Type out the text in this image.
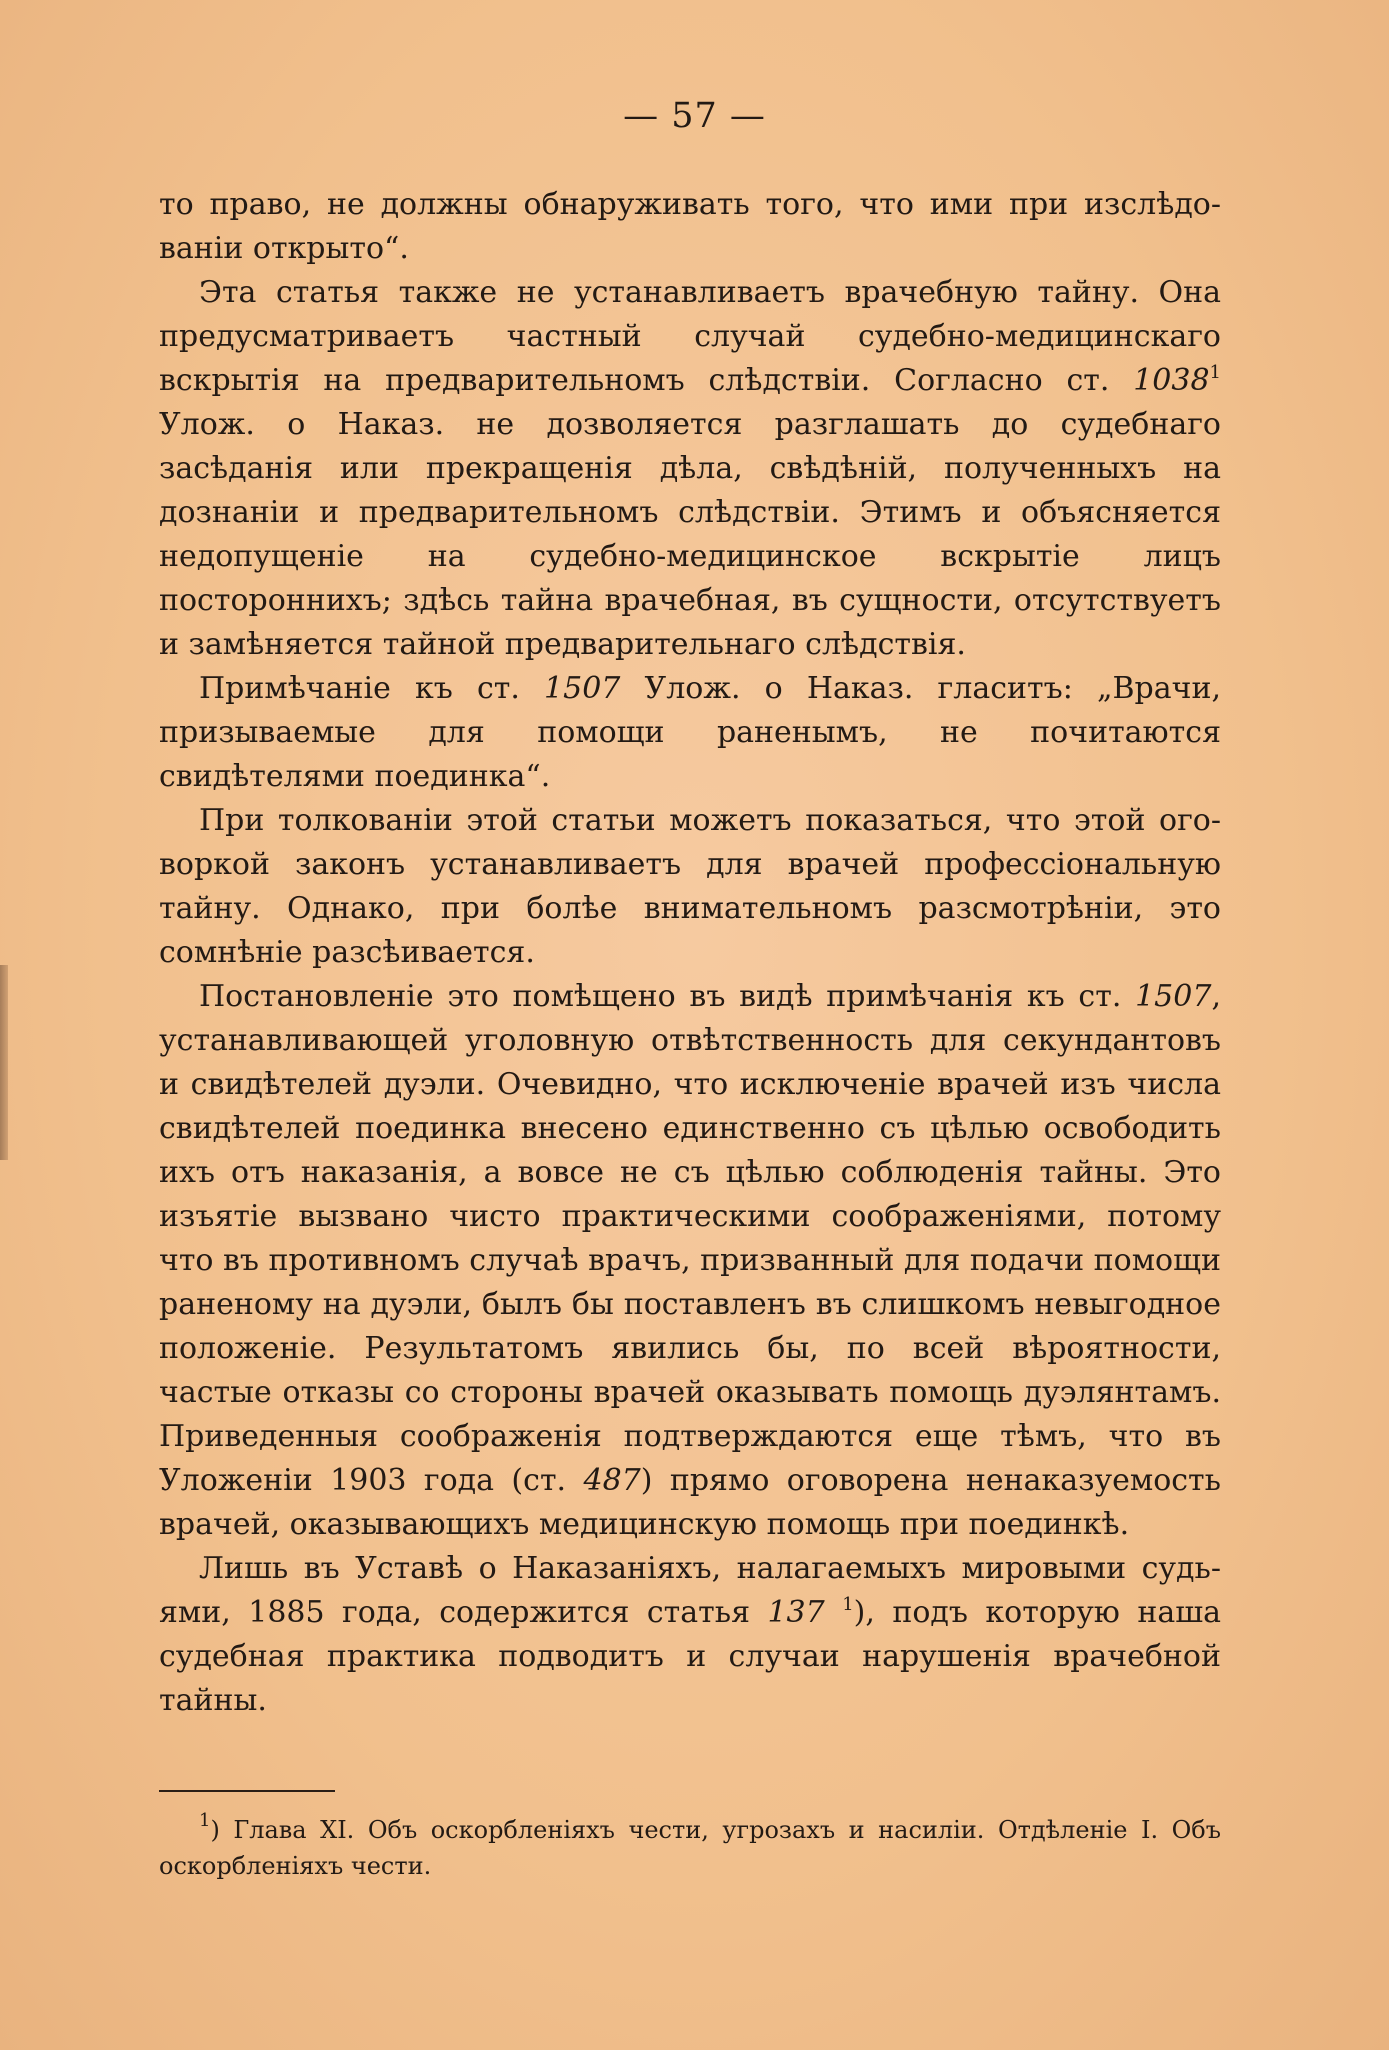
— 57 —

то право, не должны обнаруживать того, что ими при изслѣдованіи открыто“.

Эта статья также не устанавливаетъ врачебную тайну. Она предусматриваетъ частный случай судебно-медицинскаго вскрытія на предварительномъ слѣдствіи. Согласно ст. 1038$^1$ Улож. о Наказ. не дозволяется разглашать до судебнаго засѣданія или прекращенія дѣла, свѣдѣній, полученныхъ на дознаніи и предварительномъ слѣдствіи. Этимъ и объясняется недопущеніе на судебно-медицинское вскрытіе лицъ постороннихъ; здѣсь тайна врачебная, въ сущности, отсутствуетъ и замѣняется тайной предварительнаго слѣдствія.

Примѣчаніе къ ст. 1507 Улож. о Наказ. гласитъ: „Врачи, призываемые для помощи раненымъ, не почитаются свидѣтелями поединка“.

При толкованіи этой статьи можетъ показаться, что этой оговоркой законъ устанавливаетъ для врачей профессіональную тайну. Однако, при болѣе внимательномъ разсмотрѣніи, это сомнѣніе разсѣивается.

Постановленіе это помѣщено въ видѣ примѣчанія къ ст. 1507, устанавливающей уголовную отвѣтственность для секундантовъ и свидѣтелей дуэли. Очевидно, что исключеніе врачей изъ числа свидѣтелей поединка внесено единственно съ цѣлью освободить ихъ отъ наказанія, а вовсе не съ цѣлью соблюденія тайны. Это изъятіе вызвано чисто практическими соображеніями, потому что въ противномъ случаѣ врачъ, призванный для подачи помощи раненому на дуэли, былъ бы поставленъ въ слишкомъ невыгодное положеніе. Результатомъ явились бы, по всей вѣроятности, частые отказы со стороны врачей оказывать помощь дуэлянтамъ. Приведенныя соображенія подтверждаются еще тѣмъ, что въ Уложеніи 1903 года (ст. 487) прямо оговорена ненаказуемость врачей, оказывающихъ медицинскую помощь при поединкѣ.

Лишь въ Уставѣ о Наказаніяхъ, налагаемыхъ мировыми судьями, 1885 года, содержится статья 137 $^1$), подъ которую наша судебная практика подводитъ и случаи нарушенія врачебной тайны.

$^1$) Глава XI. Объ оскорбленіяхъ чести, угрозахъ и насиліи. Отдѣленіе I. Объ оскорбленіяхъ чести.
